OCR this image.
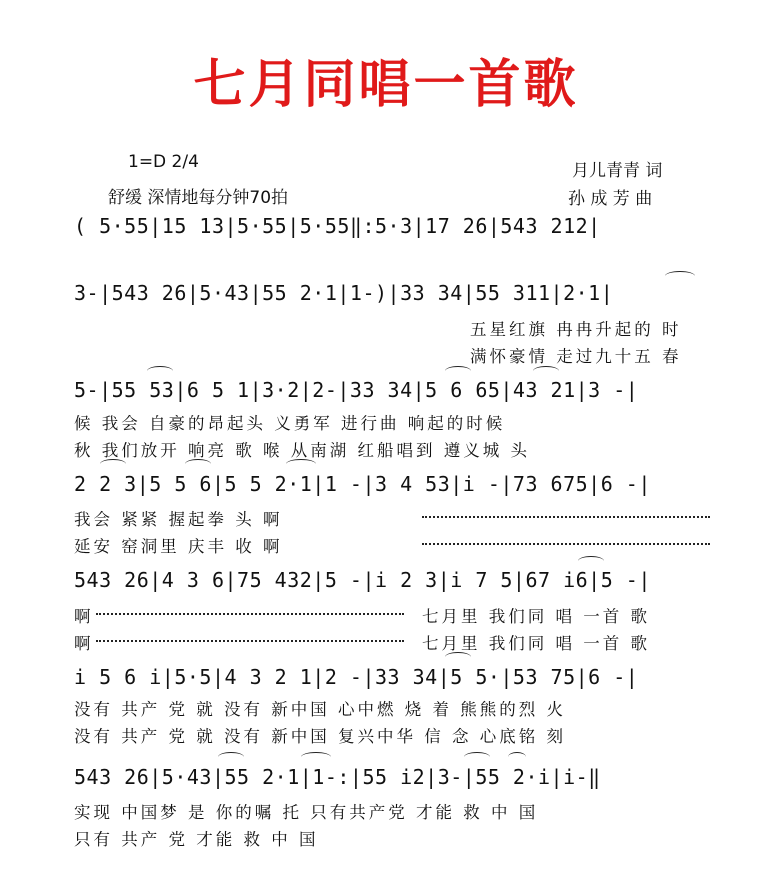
七月同唱一首歌
1=D 2/4
舒缓 深情地每分钟70拍
月儿青青 词
孙 成 芳 曲
( 5·55|15 13|5·55|5·55‖:5·3|17 26|543 212|
3-|543 26|5·43|55 2·1|1-)|33 34|55 311|2·1|
五星红旗 冉冉升起的 时
满怀豪情 走过九十五 春
5-|55 53|6 5 1|3·2|2-|33 34|5 6 65|43 21|3 -|
候 我会 自豪的昂起头 义勇军 进行曲 响起的时候
秋 我们放开 响亮 歌 喉 从南湖 红船唱到 遵义城 头
2 2 3|5 5 6|5 5 2·1|1 -|3 4 53|i -|73 675|6 -|
我会 紧紧 握起拳 头 啊
延安 窑洞里 庆丰 收 啊
543 26|4 3 6|75 432|5 -|i 2 3|i 7 5|67 i6|5 -|
啊
啊
七月里 我们同 唱 一首 歌
七月里 我们同 唱 一首 歌
i 5 6 i|5·5|4 3 2 1|2 -|33 34|5 5·|53 75|6 -|
没有 共产 党 就 没有 新中国 心中燃 烧 着 熊熊的烈 火
没有 共产 党 就 没有 新中国 复兴中华 信 念 心底铭 刻
543 26|5·43|55 2·1|1-:|55 i2|3-|55 2·i|i-‖
实现 中国梦 是 你的嘱 托 只有共产党 才能 救 中 国
只有 共产 党 才能 救 中 国
